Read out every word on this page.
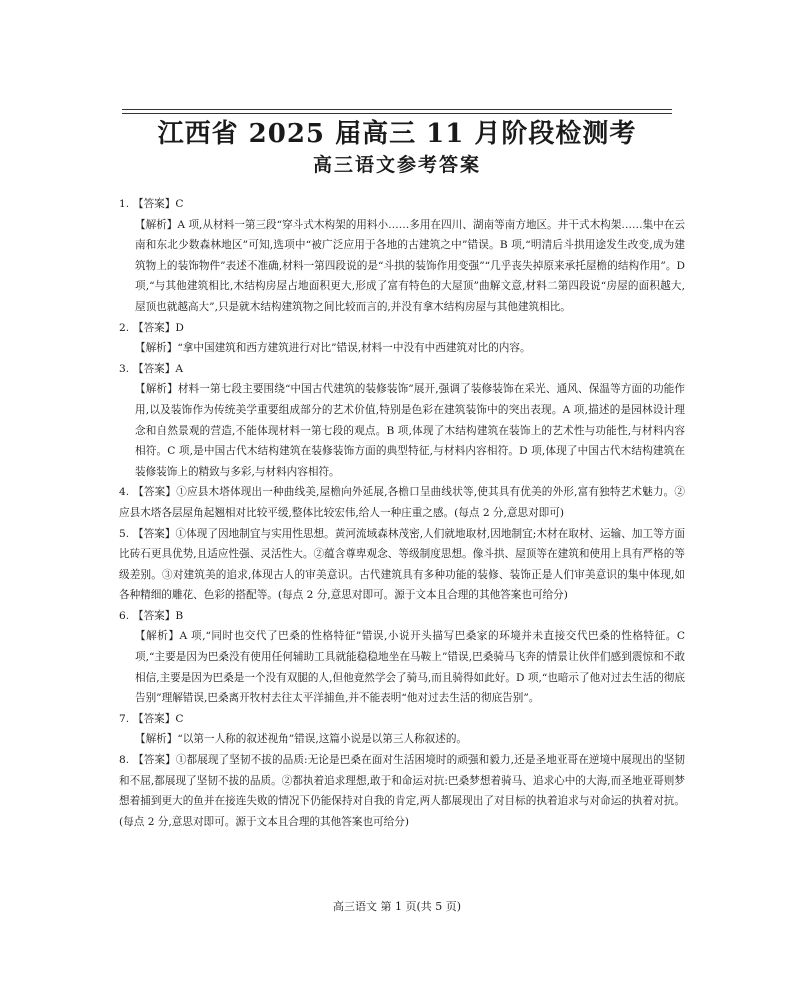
江西省 2025 届高三 11 月阶段检测考
高三语文参考答案

1. 【答案】C

【解析】A 项,从材料一第三段“穿斗式木构架的用料小……多用在四川、湖南等南方地区。井干式木构架……集中在云南和东北少数森林地区”可知,选项中“被广泛应用于各地的古建筑之中”错误。B 项,“明清后斗拱用途发生改变,成为建筑物上的装饰物件”表述不准确,材料一第四段说的是“斗拱的装饰作用变强”“几乎丧失掉原来承托屋檐的结构作用”。D 项,“与其他建筑相比,木结构房屋占地面积更大,形成了富有特色的大屋顶”曲解文意,材料二第四段说“房屋的面积越大,屋顶也就越高大”,只是就木结构建筑物之间比较而言的,并没有拿木结构房屋与其他建筑相比。

2. 【答案】D

【解析】“拿中国建筑和西方建筑进行对比”错误,材料一中没有中西建筑对比的内容。

3. 【答案】A

【解析】材料一第七段主要围绕“中国古代建筑的装修装饰”展开,强调了装修装饰在采光、通风、保温等方面的功能作用,以及装饰作为传统美学重要组成部分的艺术价值,特别是色彩在建筑装饰中的突出表现。A 项,描述的是园林设计理念和自然景观的营造,不能体现材料一第七段的观点。B 项,体现了木结构建筑在装饰上的艺术性与功能性,与材料内容相符。C 项,是中国古代木结构建筑在装修装饰方面的典型特征,与材料内容相符。D 项,体现了中国古代木结构建筑在装修装饰上的精致与多彩,与材料内容相符。

4. 【答案】①应县木塔体现出一种曲线美,屋檐向外延展,各檐口呈曲线状等,使其具有优美的外形,富有独特艺术魅力。②应县木塔各层屋角起翘相对比较平缓,整体比较宏伟,给人一种庄重之感。(每点 2 分,意思对即可)

5. 【答案】①体现了因地制宜与实用性思想。黄河流域森林茂密,人们就地取材,因地制宜;木材在取材、运输、加工等方面比砖石更具优势,且适应性强、灵活性大。②蕴含尊卑观念、等级制度思想。像斗拱、屋顶等在建筑和使用上具有严格的等级差别。③对建筑美的追求,体现古人的审美意识。古代建筑具有多种功能的装修、装饰正是人们审美意识的集中体现,如各种精细的雕花、色彩的搭配等。(每点 2 分,意思对即可。源于文本且合理的其他答案也可给分)

6. 【答案】B

【解析】A 项,“同时也交代了巴桑的性格特征”错误,小说开头描写巴桑家的环境并未直接交代巴桑的性格特征。C 项,“主要是因为巴桑没有使用任何辅助工具就能稳稳地坐在马鞍上”错误,巴桑骑马飞奔的情景让伙伴们感到震惊和不敢相信,主要是因为巴桑是一个没有双腿的人,但他竟然学会了骑马,而且骑得如此好。D 项,“也暗示了他对过去生活的彻底告别”理解错误,巴桑离开牧村去往太平洋捕鱼,并不能表明“他对过去生活的彻底告别”。

7. 【答案】C

【解析】“以第一人称的叙述视角”错误,这篇小说是以第三人称叙述的。

8. 【答案】①都展现了坚韧不拔的品质:无论是巴桑在面对生活困境时的顽强和毅力,还是圣地亚哥在逆境中展现出的坚韧和不屈,都展现了坚韧不拔的品质。②都执着追求理想,敢于和命运对抗:巴桑梦想着骑马、追求心中的大海,而圣地亚哥则梦想着捕到更大的鱼并在接连失败的情况下仍能保持对自我的肯定,两人都展现出了对目标的执着追求与对命运的执着对抗。(每点 2 分,意思对即可。源于文本且合理的其他答案也可给分)

高三语文 第 1 页(共 5 页)
